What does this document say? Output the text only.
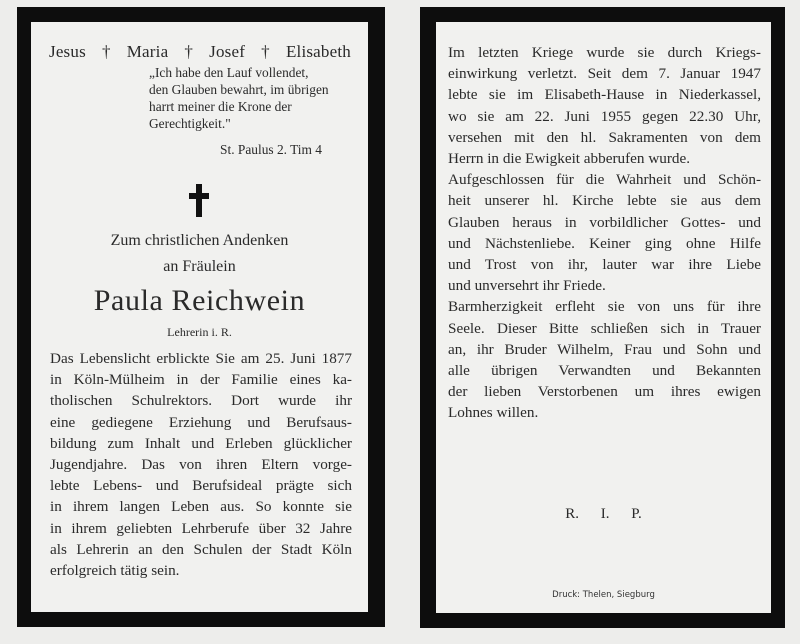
Jesus † Maria † Josef † Elisabeth
„Ich habe den Lauf vollendet,
den Glauben bewahrt, im übrigen
harrt meiner die Krone der
Gerechtigkeit."
St. Paulus 2. Tim 4
Zum christlichen Andenken
an Fräulein
Paula Reichwein
Lehrerin i. R.
Das Lebenslicht erblickte Sie am 25. Juni 1877
in Köln-Mülheim in der Familie eines ka-
tholischen Schulrektors. Dort wurde ihr
eine gediegene Erziehung und Berufsaus-
bildung zum Inhalt und Erleben glücklicher
Jugendjahre. Das von ihren Eltern vorge-
lebte Lebens- und Berufsideal prägte sich
in ihrem langen Leben aus. So konnte sie
in ihrem geliebten Lehrberufe über 32 Jahre
als Lehrerin an den Schulen der Stadt Köln
erfolgreich tätig sein.
Im letzten Kriege wurde sie durch Kriegs-
einwirkung verletzt. Seit dem 7. Januar 1947
lebte sie im Elisabeth-Hause in Niederkassel,
wo sie am 22. Juni 1955 gegen 22.30 Uhr,
versehen mit den hl. Sakramenten von dem
Herrn in die Ewigkeit abberufen wurde.
Aufgeschlossen für die Wahrheit und Schön-
heit unserer hl. Kirche lebte sie aus dem
Glauben heraus in vorbildlicher Gottes- und
und Nächstenliebe. Keiner ging ohne Hilfe
und Trost von ihr, lauter war ihre Liebe
und unversehrt ihr Friede.
Barmherzigkeit erfleht sie von uns für ihre
Seele. Dieser Bitte schließen sich in Trauer
an, ihr Bruder Wilhelm, Frau und Sohn und
alle übrigen Verwandten und Bekannten
der lieben Verstorbenen um ihres ewigen
Lohnes willen.
R. I. P.
Druck: Thelen, Siegburg
